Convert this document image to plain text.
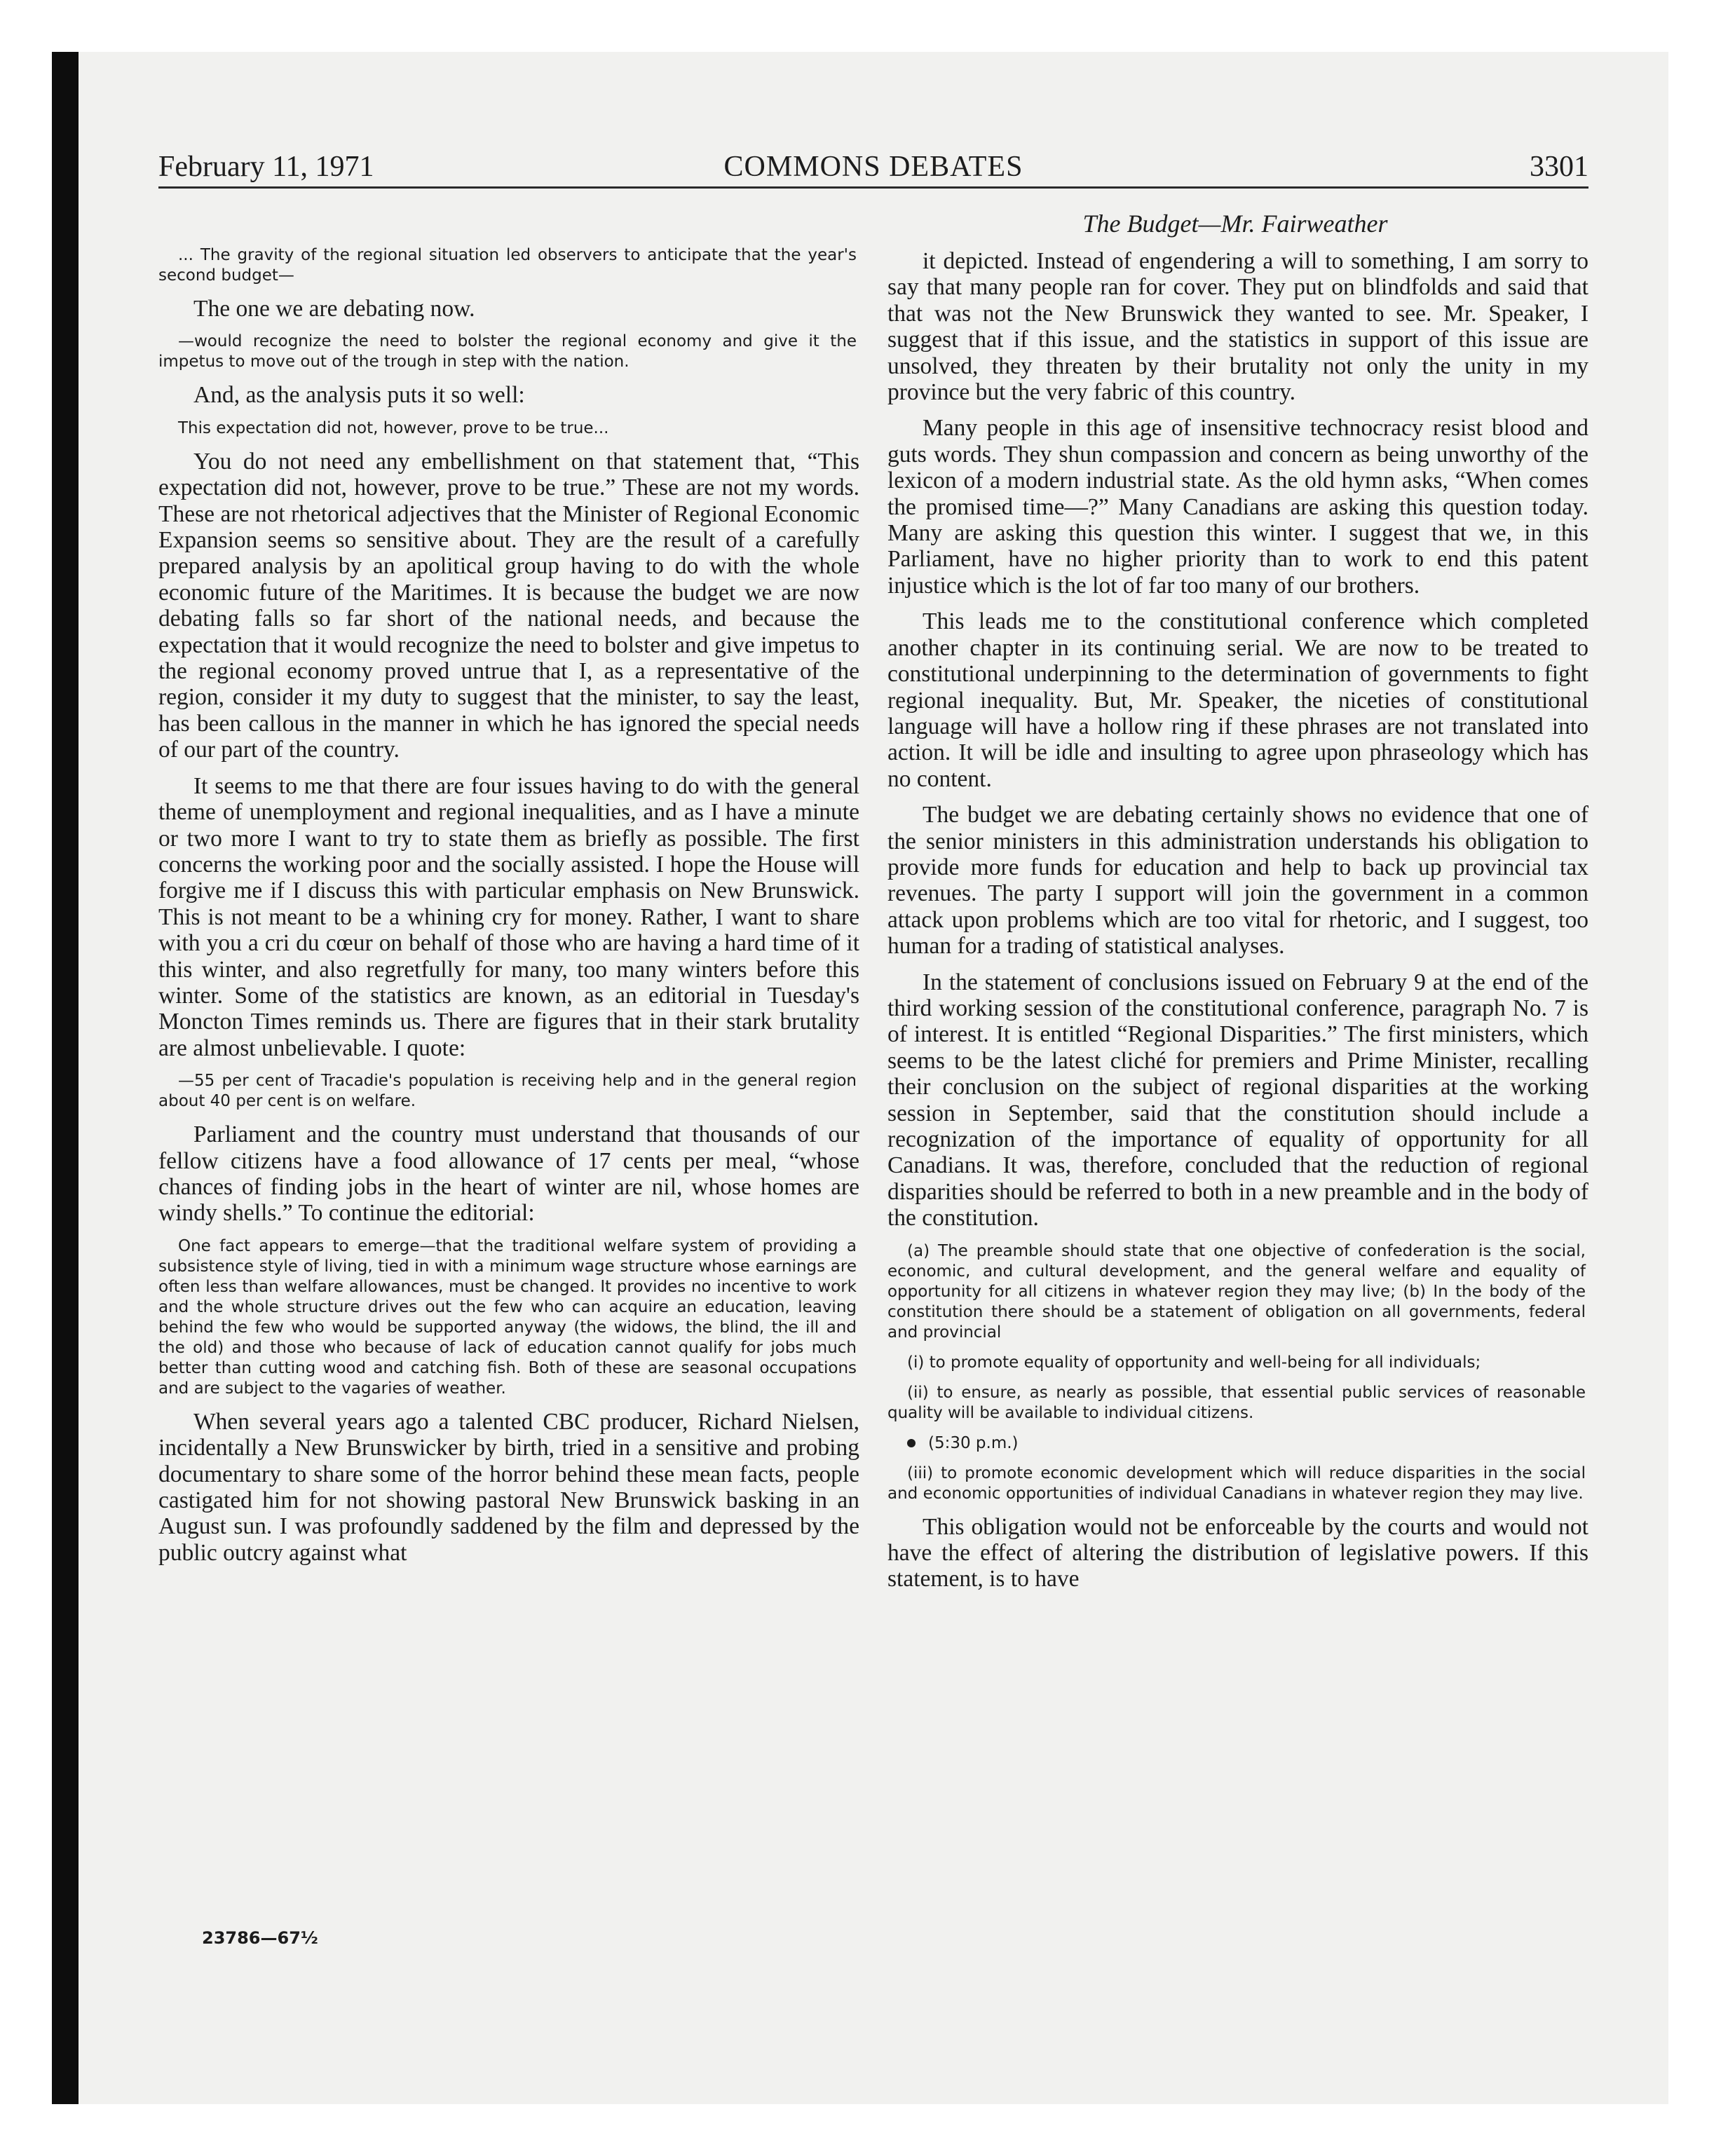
COMMONS DEBATES
February 11, 1971	3301
The Budget—Mr. Fairweather

... The gravity of the regional situation led observers to anticipate that the year's second budget—

The one we are debating now.

—would recognize the need to bolster the regional economy and give it the impetus to move out of the trough in step with the nation.

And, as the analysis puts it so well:

This expectation did not, however, prove to be true...

You do not need any embellishment on that statement that, “This expectation did not, however, prove to be true.” These are not my words. These are not rhetorical adjectives that the Minister of Regional Economic Expansion seems so sensitive about. They are the result of a carefully prepared analysis by an apolitical group having to do with the whole economic future of the Maritimes. It is because the budget we are now debating falls so far short of the national needs, and because the expectation that it would recognize the need to bolster and give impetus to the regional economy proved untrue that I, as a representative of the region, consider it my duty to suggest that the minister, to say the least, has been callous in the manner in which he has ignored the special needs of our part of the country.

It seems to me that there are four issues having to do with the general theme of unemployment and regional inequalities, and as I have a minute or two more I want to try to state them as briefly as possible. The first concerns the working poor and the socially assisted. I hope the House will forgive me if I discuss this with particular emphasis on New Brunswick. This is not meant to be a whining cry for money. Rather, I want to share with you a cri du cœur on behalf of those who are having a hard time of it this winter, and also regretfully for many, too many winters before this winter. Some of the statistics are known, as an editorial in Tuesday's Moncton Times reminds us. There are figures that in their stark brutality are almost unbelievable. I quote:

—55 per cent of Tracadie's population is receiving help and in the general region about 40 per cent is on welfare.

Parliament and the country must understand that thousands of our fellow citizens have a food allowance of 17 cents per meal, “whose chances of finding jobs in the heart of winter are nil, whose homes are windy shells.” To continue the editorial:

One fact appears to emerge—that the traditional welfare system of providing a subsistence style of living, tied in with a minimum wage structure whose earnings are often less than welfare allowances, must be changed. It provides no incentive to work and the whole structure drives out the few who can acquire an education, leaving behind the few who would be supported anyway (the widows, the blind, the ill and the old) and those who because of lack of education cannot qualify for jobs much better than cutting wood and catching fish. Both of these are seasonal occupations and are subject to the vagaries of weather.

When several years ago a talented CBC producer, Richard Nielsen, incidentally a New Brunswicker by birth, tried in a sensitive and probing documentary to share some of the horror behind these mean facts, people castigated him for not showing pastoral New Brunswick basking in an August sun. I was profoundly saddened by the film and depressed by the public outcry against what

it depicted. Instead of engendering a will to something, I am sorry to say that many people ran for cover. They put on blindfolds and said that that was not the New Brunswick they wanted to see. Mr. Speaker, I suggest that if this issue, and the statistics in support of this issue are unsolved, they threaten by their brutality not only the unity in my province but the very fabric of this country.

Many people in this age of insensitive technocracy resist blood and guts words. They shun compassion and concern as being unworthy of the lexicon of a modern industrial state. As the old hymn asks, “When comes the promised time—?” Many Canadians are asking this question today. Many are asking this question this winter. I suggest that we, in this Parliament, have no higher priority than to work to end this patent injustice which is the lot of far too many of our brothers.

This leads me to the constitutional conference which completed another chapter in its continuing serial. We are now to be treated to constitutional underpinning to the determination of governments to fight regional inequality. But, Mr. Speaker, the niceties of constitutional language will have a hollow ring if these phrases are not translated into action. It will be idle and insulting to agree upon phraseology which has no content.

The budget we are debating certainly shows no evidence that one of the senior ministers in this administration understands his obligation to provide more funds for education and help to back up provincial tax revenues. The party I support will join the government in a common attack upon problems which are too vital for rhetoric, and I suggest, too human for a trading of statistical analyses.

In the statement of conclusions issued on February 9 at the end of the third working session of the constitutional conference, paragraph No. 7 is of interest. It is entitled “Regional Disparities.” The first ministers, which seems to be the latest cliché for premiers and Prime Minister, recalling their conclusion on the subject of regional disparities at the working session in September, said that the constitution should include a recognization of the importance of equality of opportunity for all Canadians. It was, therefore, concluded that the reduction of regional disparities should be referred to both in a new preamble and in the body of the constitution.

(a) The preamble should state that one objective of confederation is the social, economic, and cultural development, and the general welfare and equality of opportunity for all citizens in whatever region they may live; (b) In the body of the constitution there should be a statement of obligation on all governments, federal and provincial

(i) to promote equality of opportunity and well-being for all individuals;

(ii) to ensure, as nearly as possible, that essential public services of reasonable quality will be available to individual citizens.

(5:30 p.m.)

(iii) to promote economic development which will reduce disparities in the social and economic opportunities of individual Canadians in whatever region they may live.

This obligation would not be enforceable by the courts and would not have the effect of altering the distribution of legislative powers. If this statement, is to have

23786—67½
